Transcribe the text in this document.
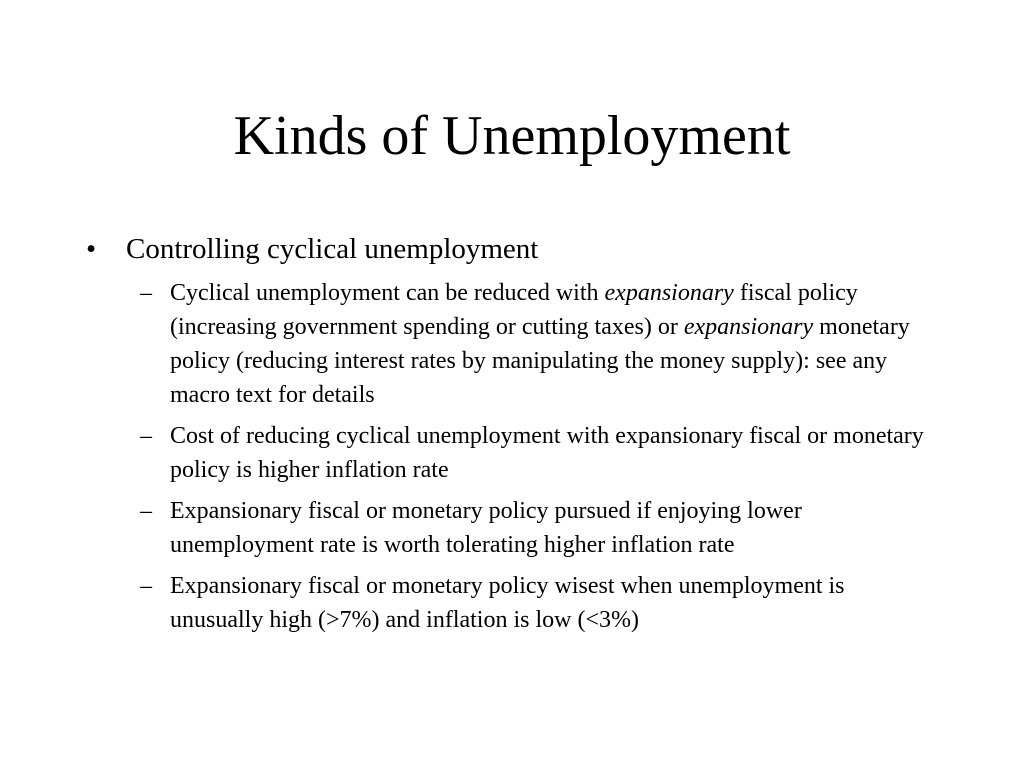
Kinds of Unemployment
• Controlling cyclical unemployment
– Cyclical unemployment can be reduced with expansionary fiscal policy (increasing government spending or cutting taxes) or expansionary monetary policy (reducing interest rates by manipulating the money supply): see any macro text for details
– Cost of reducing cyclical unemployment with expansionary fiscal or monetary policy is higher inflation rate
– Expansionary fiscal or monetary policy pursued if enjoying lower unemployment rate is worth tolerating higher inflation rate
– Expansionary fiscal or monetary policy wisest when unemployment is unusually high (>7%) and inflation is low (<3%)
